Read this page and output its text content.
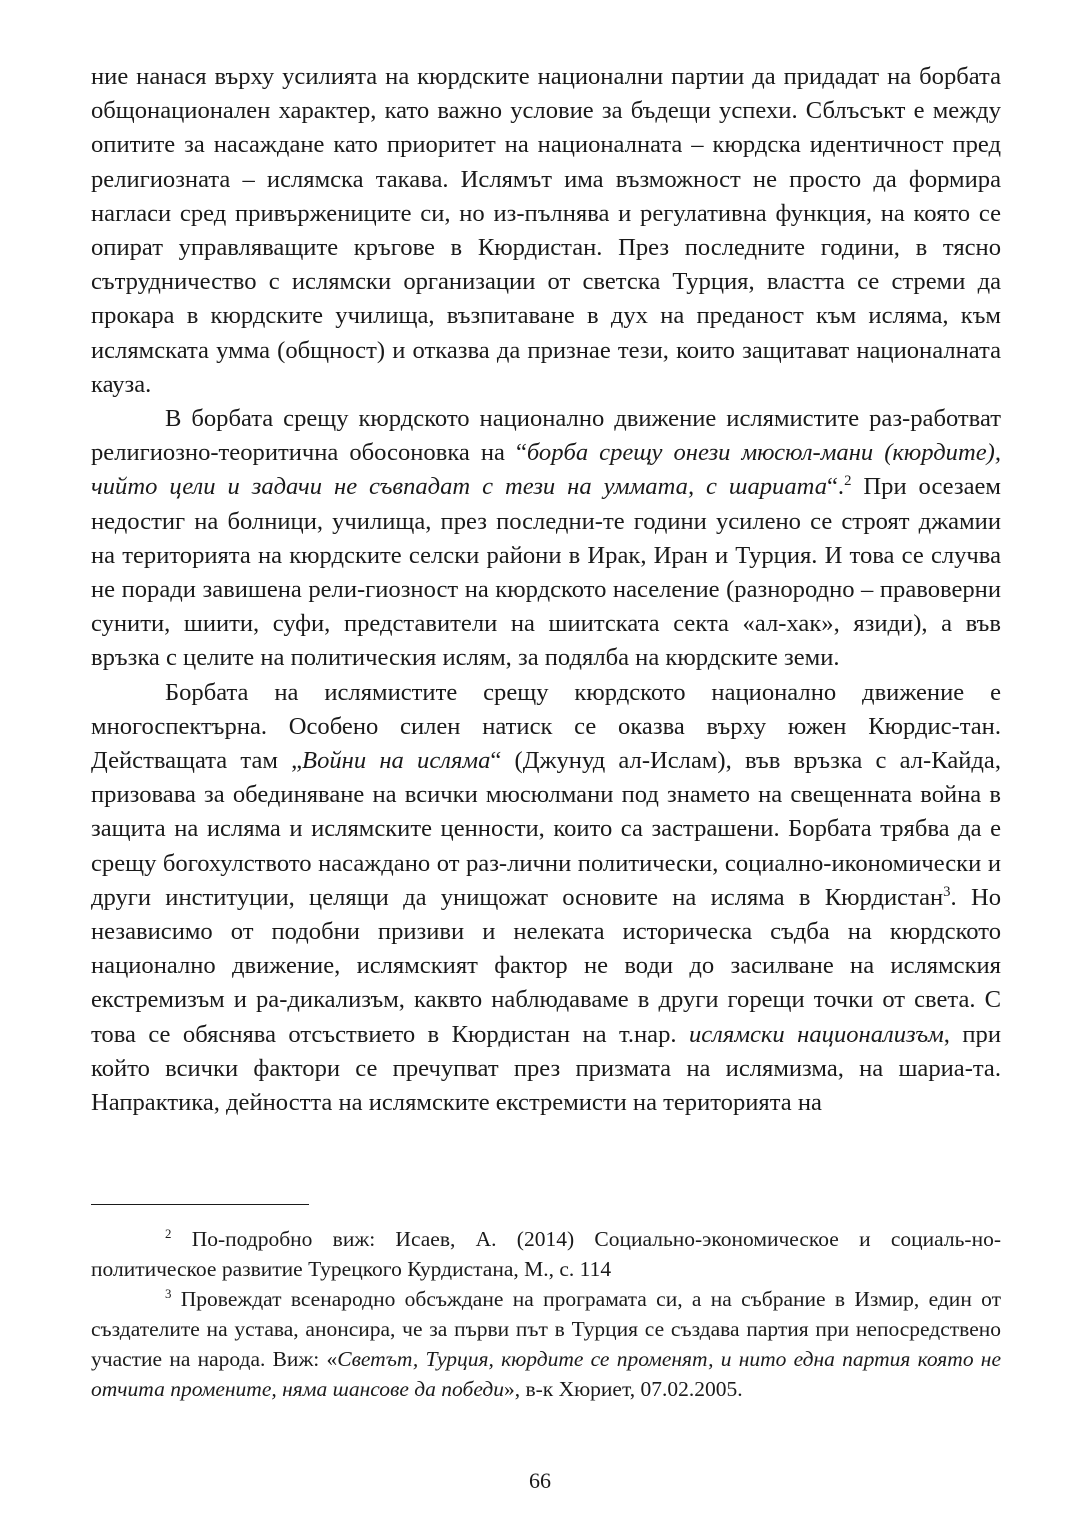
ние нанася върху усилията на кюрдските национални партии да придадат на борбата общонационален характер, като важно условие за бъдещи успехи. Сблъсъкт е между опитите за насаждане като приоритет на националната – кюрдска идентичност пред религиозната – ислямска такава. Ислямът има възможност не просто да формира нагласи сред привържениците си, но из-пълнява и регулативна функция, на която се опират управляващите кръгове в Кюрдистан. През последните години, в тясно сътрудничество с ислямски организации от светска Турция, властта се стреми да прокара в кюрдските училища, възпитаване в дух на преданост към исляма, към ислямската умма (общност) и отказва да признае тези, които защитават националната кауза.

В борбата срещу кюрдското национално движение ислямистите раз-работват религиозно-теоритична обосоновка на “борба срещу онези мюсюл-мани (кюрдите), чийто цели и задачи не съвпадат с тези на уммата, с шариата“.$^2$ При осезаем недостиг на болници, училища, през последни-те години усилено се строят джамии на територията на кюрдските селски райони в Ирак, Иран и Турция. И това се случва не поради завишена рели-гиозност на кюрдското население (разнородно – правоверни сунити, шиити, суфи, представители на шиитската секта «ал-хак», язиди), а във връзка с целите на политическия ислям, за подялба на кюрдските земи.

Борбата на ислямистите срещу кюрдското национално движение е многоспектърна. Особено силен натиск се оказва върху южен Кюрдис-тан. Действащата там „Войни на исляма“ (Джунуд ал-Ислам), във връзка с ал-Кайда, призовава за обединяване на всички мюсюлмани под знамето на свещенната война в защита на исляма и ислямските ценности, които са застрашени. Борбата трябва да е срещу богохулството насаждано от раз-лични политически, социално-икономически и други институции, целящи да унищожат основите на исляма в Кюрдистан$^3$. Но независимо от подобни призиви и нелеката историческа съдба на кюрдското национално движение, ислямският фактор не води до засилване на ислямския екстремизъм и ра-дикализъм, каквто наблюдаваме в други горещи точки от света. С това се обяснява отсъствието в Кюрдистан на т.нар. ислямски национализъм, при който всички фактори се пречупват през призмата на ислямизма, на шариа-та. Напрактика, дейността на ислямските екстремисти на територията на

$^2$ По-подробно виж: Исаев, А. (2014) Социально-экономическое и социаль-но-политическое развитие Турецкого Курдистана, М., с. 114

$^3$ Провеждат всенародно обсъждане на програмата си, а на събрание в Измир, един от създателите на устава, анонсира, че за първи път в Турция се създава партия при непосредствено участие на народа. Виж: «Светът, Турция, кюрдите се променят, и нито една партия която не отчита промените, няма шансове да победи», в-к Хюриет, 07.02.2005.

66
